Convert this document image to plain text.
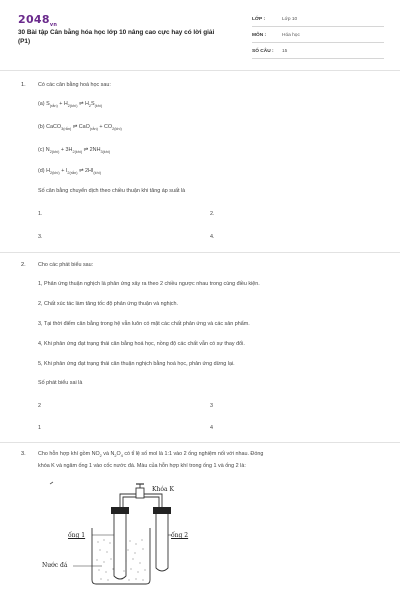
$2048_{vn}$
30 Bài tập Cân bằng hóa học lớp 10 nâng cao cực hay có lời giải (P1)
LỚP :	Lớp 10
MÔN :	Hóa học
SỐ CÂU : 15
1. Có các cân bằng hoá học sau:
(a) $S_{(rắn)} + H_{2(khí)}$ ⇌ $H_2S_{(khí)}$
(b) CaCO$_{3(rắn)}$ ⇌ $CaO_{(rắn)} + CO_{2(khí)}$
(c) $N_{2(khí)} + 3H_{2(khí)}$ ⇌ $2NH_{3(khí)}$
(d) $H_{2(khí)} + I_{2(rắn)}$ ⇌ $2HI_{(khí)}$
Số cân bằng chuyển dịch theo chiều thuận khi tăng áp suất là
1.	2.
3.	4.
2. Cho các phát biểu sau:
1, Phản ứng thuận nghịch là phản ứng xảy ra theo 2 chiều ngược nhau trong cùng điều kiện.
2, Chất xúc tác làm tăng tốc độ phản ứng thuận và nghịch.
3, Tại thời điểm cân bằng trong hệ vẫn luôn có mặt các chất phản ứng và các sản phẩm.
4, Khi phản ứng đạt trạng thái cân bằng hoá học, nồng độ các chất vẫn có sự thay đổi.
5, Khi phản ứng đạt trạng thái cân thuận nghịch bằng hoá học, phản ứng dừng lại.
Số phát biểu sai là
2	3
1	4
3. Cho hỗn hợp khí gồm $NO_2$ và $N_2O_4$ có tỉ lệ số mol là 1:1 vào 2 ống nghiệm nối với nhau. Đóng
khóa K và ngâm ống 1 vào cốc nước đá. Màu của hỗn hợp khí trong ống 1 và ống 2 là:
Khóa K
ống 1	ống 2
Nước đá
